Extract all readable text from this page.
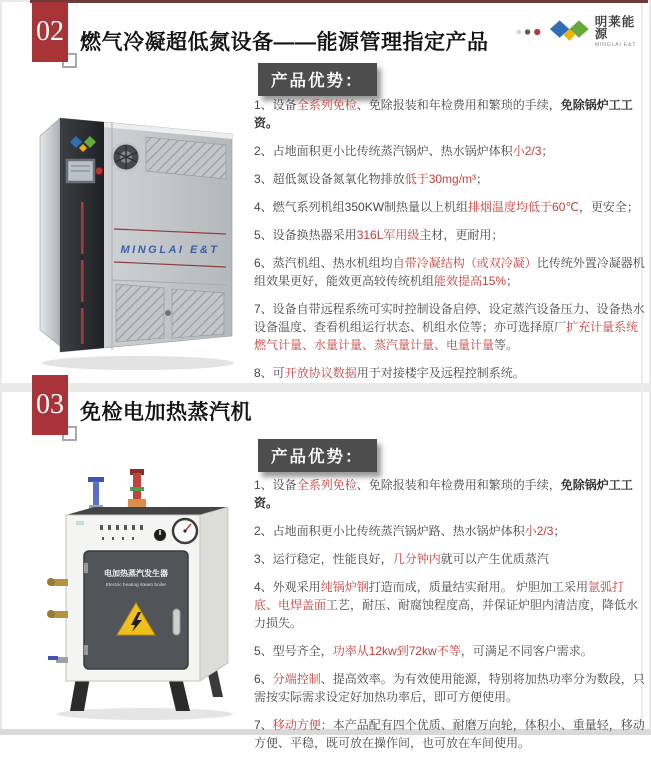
02 燃气冷凝超低氮设备——能源管理指定产品
明莱能源
MINGLAI E&T
MINGLAI E&T
产品优势：

1、设备全系列免检、免除报装和年检费用和繁琐的手续，免除锅炉工工资。

2、占地面积更小比传统蒸汽锅炉、热水锅炉体积小2/3；

3、超低氮设备氮氧化物排放低于30mg/m³；

4、燃气系列机组350KW制热量以上机组排烟温度均低于60℃，更安全；

5、设备换热器采用316L军用级主材，更耐用；

6、蒸汽机组、热水机组均自带冷凝结构（或双冷凝）比传统外置冷凝器机组效果更好，能效更高较传统机组能效提高15%；

7、设备自带远程系统可实时控制设备启停、设定蒸汽设备压力、设备热水设备温度、查看机组运行状态、机组水位等；亦可选择原厂扩充计量系统燃气计量、水量计量、蒸汽量计量、电量计量等。

8、可开放协议数据用于对接楼宇及远程控制系统。

03 免检电加热蒸汽机
电加热蒸汽发生器
Electric heating steam boiler
产品优势：

1、设备全系列免检、免除报装和年检费用和繁琐的手续，免除锅炉工工资。

2、占地面积更小比传统蒸汽锅炉路、热水锅炉体积小2/3；

3、运行稳定，性能良好，几分钟内就可以产生优质蒸汽

4、外观采用纯锅炉钢打造而成，质量结实耐用。 炉胆加工采用氩弧打底、电焊盖面工艺，耐压、耐腐蚀程度高，并保证炉胆内清洁度，降低水力损失。

5、型号齐全，功率从12kw到72kw不等，可满足不同客户需求。

6、分端控制、提高效率。为有效使用能源，特别将加热功率分为数段，只需按实际需求设定好加热功率后，即可方便使用。

7、移动方便：本产品配有四个优质、耐磨万向轮，体积小、重量轻，移动方便、平稳，既可放在操作间，也可放在车间使用。
